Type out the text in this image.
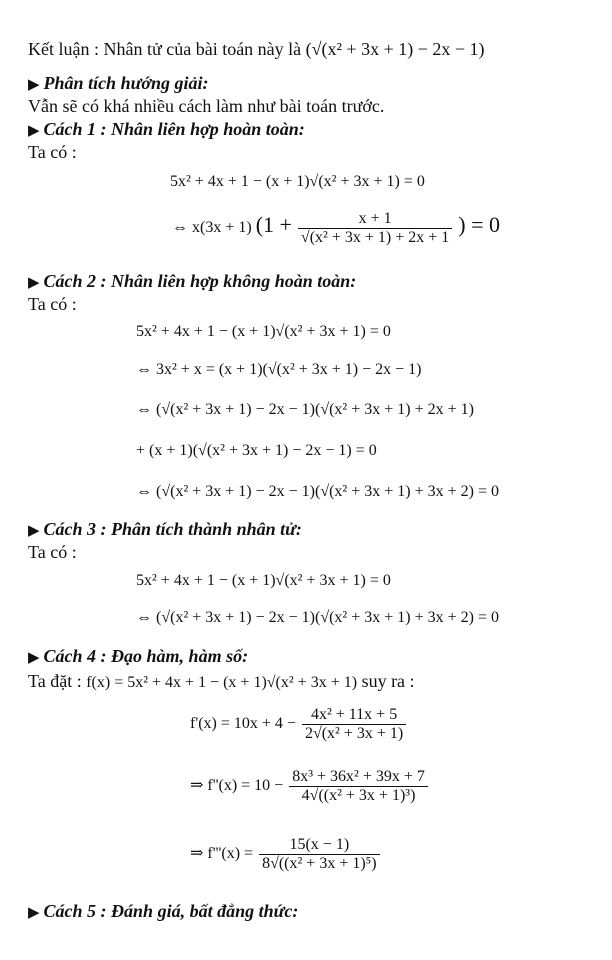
Kết luận : Nhân tử của bài toán này là (√(x² + 3x + 1) − 2x − 1)
▶ Phân tích hướng giải:
Vẫn sẽ có khá nhiều cách làm như bài toán trước.
▶ Cách 1 : Nhân liên hợp hoàn toàn:
Ta có :
5x² + 4x + 1 − (x + 1)√(x² + 3x + 1) = 0
⇔ x(3x + 1) ($1 + \frac{x + 1}{\text{√(x² + 3x + 1) + 2x + 1}}$ ) = 0
▶ Cách 2 : Nhân liên hợp không hoàn toàn:
Ta có :
5x² + 4x + 1 − (x + 1)√(x² + 3x + 1) = 0
⇔ 3x² + x = (x + 1)(√(x² + 3x + 1) − 2x − 1)
⇔ (√(x² + 3x + 1) − 2x − 1)(√(x² + 3x + 1) + 2x + 1)
+ (x + 1)(√(x² + 3x + 1) − 2x − 1) = 0
⇔ (√(x² + 3x + 1) − 2x − 1)(√(x² + 3x + 1) + 3x + 2) = 0
▶ Cách 3 : Phân tích thành nhân tử:
Ta có :
5x² + 4x + 1 − (x + 1)√(x² + 3x + 1) = 0
⇔ (√(x² + 3x + 1) − 2x − 1)(√(x² + 3x + 1) + 3x + 2) = 0
▶ Cách 4 : Đạo hàm, hàm số:
Ta đặt : f(x) = 5x² + 4x + 1 − (x + 1)√(x² + 3x + 1) suy ra :
$f'(x) = 10x + 4 - \frac{\text{4x² + 11x + 5}}{\text{2√(x² + 3x + 1)}}$
⇒ $f''(x) = 10 - \frac{\text{8x³ + 36x² + 39x + 7}}{\text{4√((x² + 3x + 1)³)}}$
⇒ $f'''(x) = \frac{15(x - 1)}{\text{8√((x² + 3x + 1)⁵)}}$
▶ Cách 5 : Đánh giá, bất đẳng thức:
